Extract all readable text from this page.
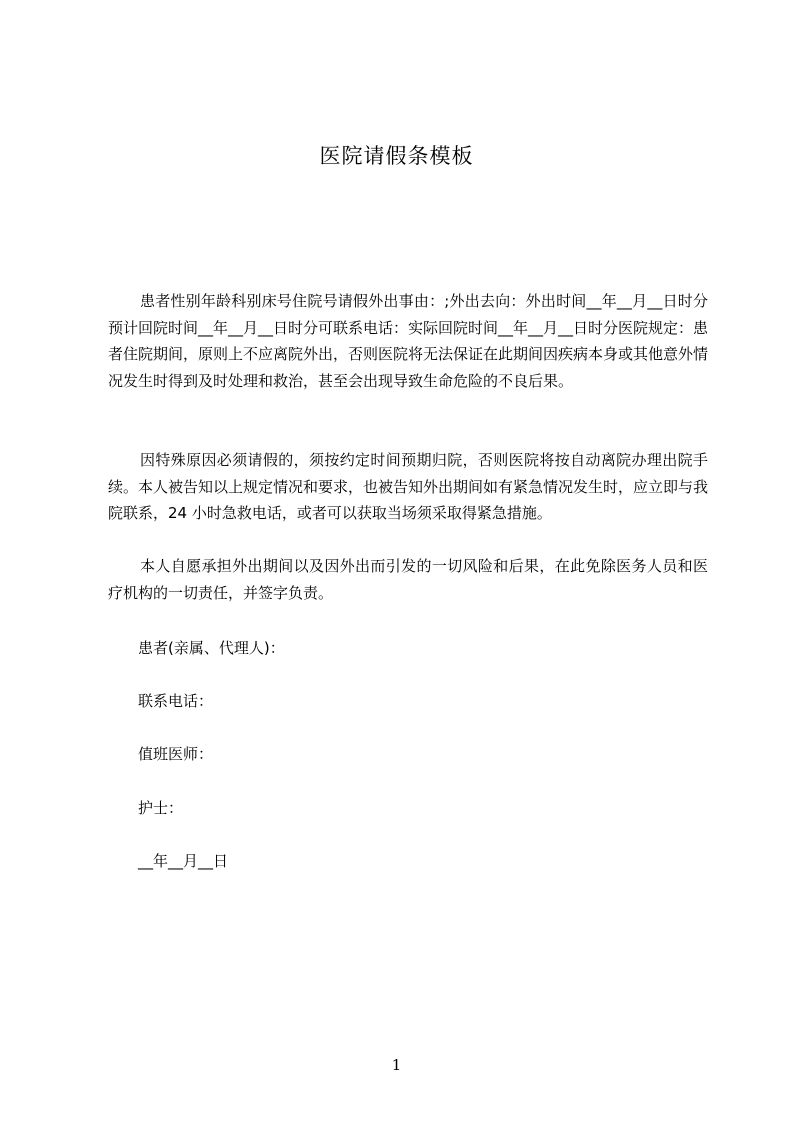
医院请假条模板

患者性别年龄科别床号住院号请假外出事由：;外出去向：外出时间__年__月__日时分预计回院时间__年__月__日时分可联系电话：实际回院时间__年__月__日时分医院规定：患者住院期间，原则上不应离院外出，否则医院将无法保证在此期间因疾病本身或其他意外情况发生时得到及时处理和救治，甚至会出现导致生命危险的不良后果。

因特殊原因必须请假的，须按约定时间预期归院，否则医院将按自动离院办理出院手续。本人被告知以上规定情况和要求，也被告知外出期间如有紧急情况发生时，应立即与我院联系，24 小时急救电话，或者可以获取当场须采取得紧急措施。

本人自愿承担外出期间以及因外出而引发的一切风险和后果，在此免除医务人员和医疗机构的一切责任，并签字负责。

患者(亲属、代理人)：
联系电话：
值班医师：
护士：
__年__月__日
1
